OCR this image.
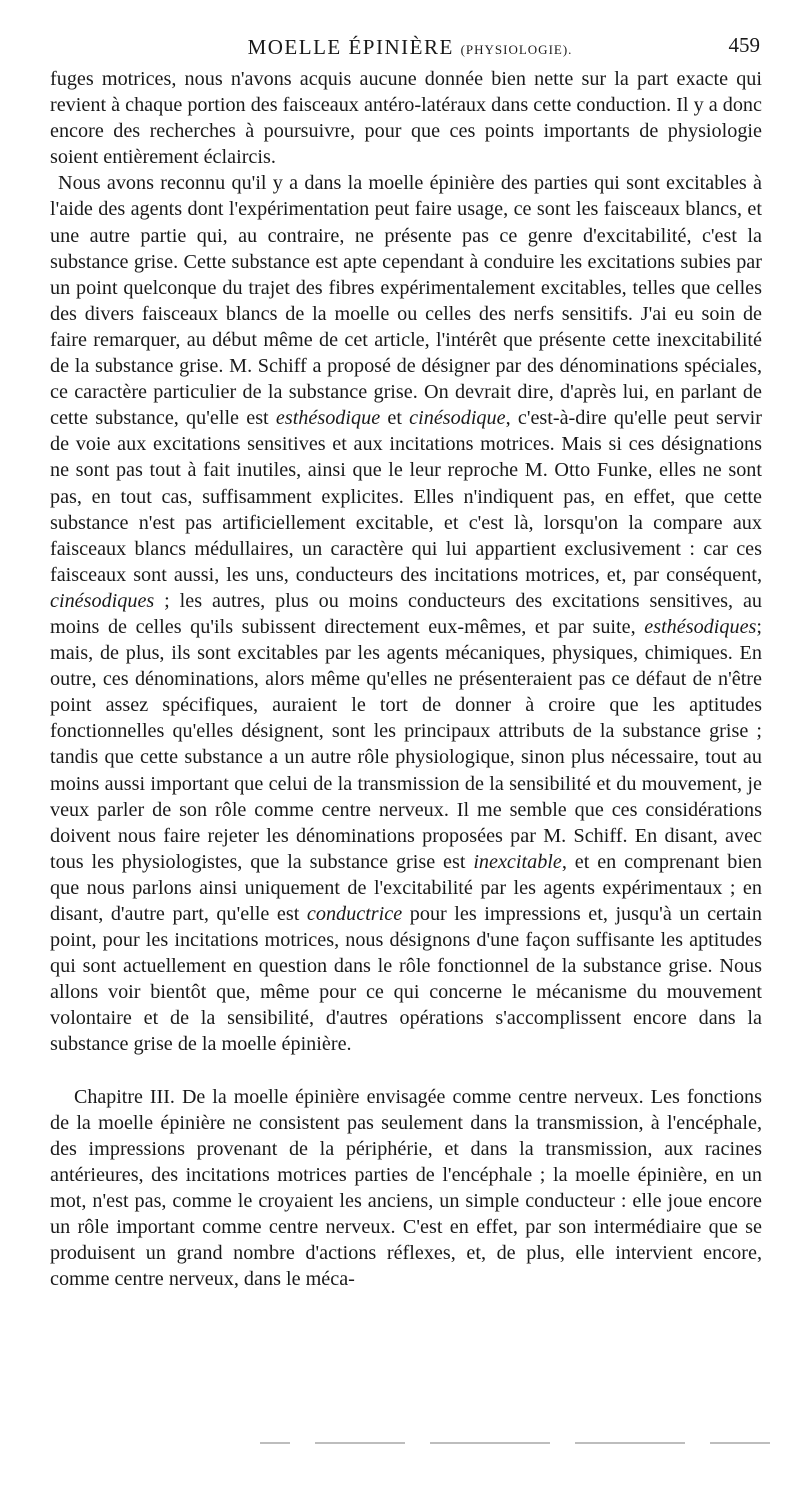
MOELLE ÉPINIÈRE (PHYSIOLOGIE).	459

fuges motrices, nous n'avons acquis aucune donnée bien nette sur la part exacte qui revient à chaque portion des faisceaux antéro-latéraux dans cette conduction. Il y a donc encore des recherches à poursuivre, pour que ces points importants de physiologie soient entièrement éclaircis.

Nous avons reconnu qu'il y a dans la moelle épinière des parties qui sont excitables à l'aide des agents dont l'expérimentation peut faire usage, ce sont les faisceaux blancs, et une autre partie qui, au contraire, ne présente pas ce genre d'excitabilité, c'est la substance grise. Cette substance est apte cependant à conduire les excitations subies par un point quelconque du trajet des fibres expérimentalement excitables, telles que celles des divers faisceaux blancs de la moelle ou celles des nerfs sensitifs. J'ai eu soin de faire remarquer, au début même de cet article, l'intérêt que présente cette inexcitabilité de la substance grise. M. Schiff a proposé de désigner par des dénominations spéciales, ce caractère particulier de la substance grise. On devrait dire, d'après lui, en parlant de cette substance, qu'elle est esthésodique et cinésodique, c'est-à-dire qu'elle peut servir de voie aux excitations sensitives et aux incitations motrices. Mais si ces désignations ne sont pas tout à fait inutiles, ainsi que le leur reproche M. Otto Funke, elles ne sont pas, en tout cas, suffisamment explicites. Elles n'indiquent pas, en effet, que cette substance n'est pas artificiellement excitable, et c'est là, lorsqu'on la compare aux faisceaux blancs médullaires, un caractère qui lui appartient exclusivement : car ces faisceaux sont aussi, les uns, conducteurs des incitations motrices, et, par conséquent, cinésodiques ; les autres, plus ou moins conducteurs des excitations sensitives, au moins de celles qu'ils subissent directement eux-mêmes, et par suite, esthésodiques; mais, de plus, ils sont excitables par les agents mécaniques, physiques, chimiques. En outre, ces dénominations, alors même qu'elles ne présenteraient pas ce défaut de n'être point assez spécifiques, auraient le tort de donner à croire que les aptitudes fonctionnelles qu'elles désignent, sont les principaux attributs de la substance grise ; tandis que cette substance a un autre rôle physiologique, sinon plus nécessaire, tout au moins aussi important que celui de la transmission de la sensibilité et du mouvement, je veux parler de son rôle comme centre nerveux. Il me semble que ces considérations doivent nous faire rejeter les dénominations proposées par M. Schiff. En disant, avec tous les physiologistes, que la substance grise est inexcitable, et en comprenant bien que nous parlons ainsi uniquement de l'excitabilité par les agents expérimentaux ; en disant, d'autre part, qu'elle est conductrice pour les impressions et, jusqu'à un certain point, pour les incitations motrices, nous désignons d'une façon suffisante les aptitudes qui sont actuellement en question dans le rôle fonctionnel de la substance grise. Nous allons voir bientôt que, même pour ce qui concerne le mécanisme du mouvement volontaire et de la sensibilité, d'autres opérations s'accomplissent encore dans la substance grise de la moelle épinière.

Chapitre III. De la moelle épinière envisagée comme centre nerveux. Les fonctions de la moelle épinière ne consistent pas seulement dans la transmission, à l'encéphale, des impressions provenant de la périphérie, et dans la transmission, aux racines antérieures, des incitations motrices parties de l'encéphale ; la moelle épinière, en un mot, n'est pas, comme le croyaient les anciens, un simple conducteur : elle joue encore un rôle important comme centre nerveux. C'est en effet, par son intermédiaire que se produisent un grand nombre d'actions réflexes, et, de plus, elle intervient encore, comme centre nerveux, dans le méca-
